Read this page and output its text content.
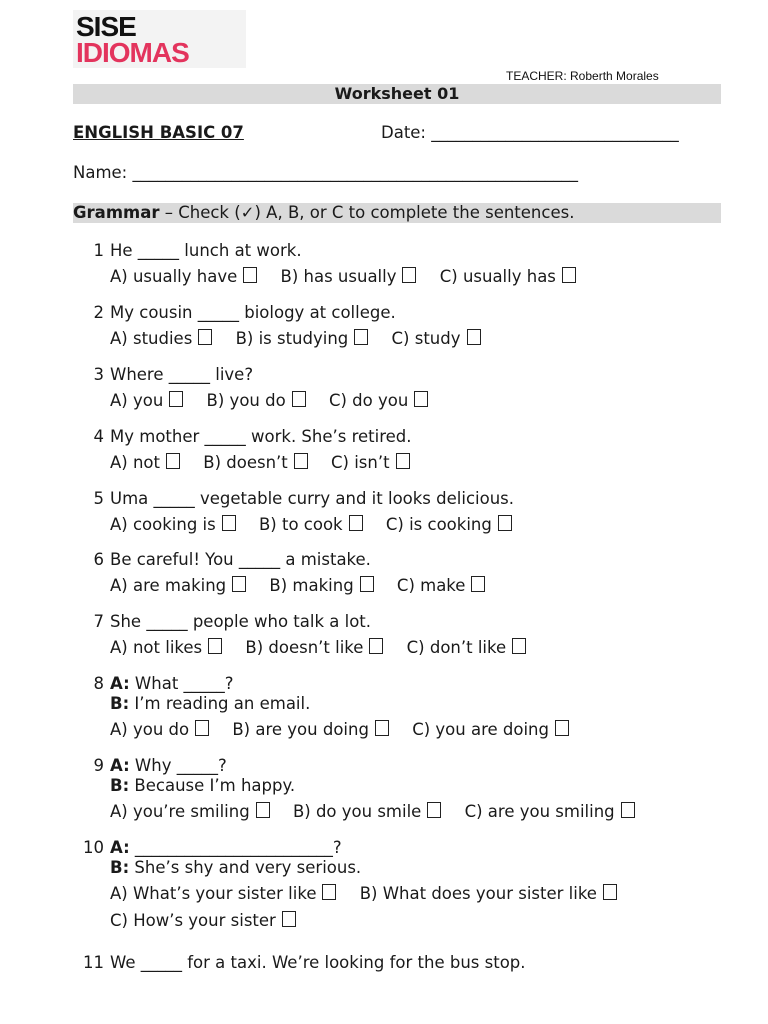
SISE
IDIOMAS
TEACHER: Roberth Morales
Worksheet 01
ENGLISH BASIC 07	Date: ______________________________
Name: ______________________________________________________
Grammar – Check (✓) A, B, or C to complete the sentences.
1 He _____ lunch at work.
A) usually have	B) has usually	C) usually has
2 My cousin _____ biology at college.
A) studies	B) is studying	C) study
3 Where _____ live?
A) you	B) you do	C) do you
4 My mother _____ work. She’s retired.
A) not	B) doesn’t	C) isn’t
5 Uma _____ vegetable curry and it looks delicious.
A) cooking is	B) to cook	C) is cooking
6 Be careful! You _____ a mistake.
A) are making	B) making	C) make
7 She _____ people who talk a lot.
A) not likes	B) doesn’t like	C) don’t like
8 A: What _____?
B: I’m reading an email.
A) you do	B) are you doing	C) you are doing
9 A: Why _____?
B: Because I’m happy.
A) you’re smiling	B) do you smile	C) are you smiling
10 A: ________________________?
B: She’s shy and very serious.
A) What’s your sister like	B) What does your sister like
C) How’s your sister
11 We _____ for a taxi. We’re looking for the bus stop.
